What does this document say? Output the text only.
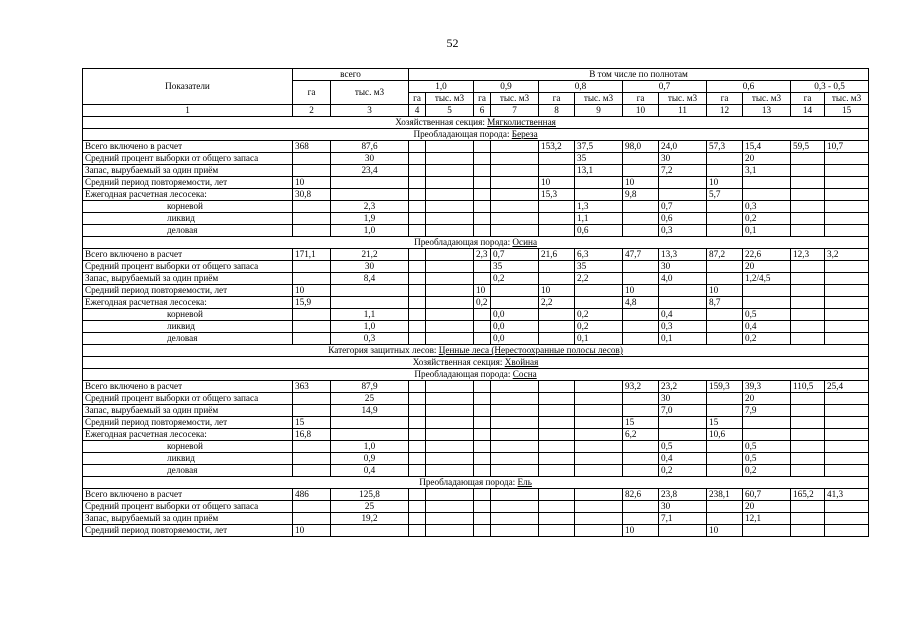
52
Показатели	всего		В том числе по полнотам											
	га	тыс. м3	1,0		0,9		0,8		0,7		0,6		0,3 - 0,5	
			га	тыс. м3	га	тыс. м3	га	тыс. м3	га	тыс. м3	га	тыс. м3	га	тыс. м3
1	2	3	4	5	6	7	8	9	10	11	12	13	14	15
Хозяйственная секция: Мягколиственная														
Преобладающая порода: Береза														
Всего включено в расчет	368	87,6					153,2	37,5	98,0	24,0	57,3	15,4	59,5	10,7
Средний процент выборки от общего запаса		30						35		30		20		
Запас, вырубаемый за один приём		23,4						13,1		7,2		3,1		
Средний период повторяемости, лет	10						10		10		10			
Ежегодная расчетная лесосека:	30,8						15,3		9,8		5,7			
корневой		2,3						1,3		0,7		0,3		
ликвид		1,9						1,1		0,6		0,2		
деловая		1,0						0,6		0,3		0,1		
Преобладающая порода: Осина														
Всего включено в расчет	171,1	21,2			2,3	0,7	21,6	6,3	47,7	13,3	87,2	22,6	12,3	3,2
Средний процент выборки от общего запаса		30				35		35		30		20		
Запас, вырубаемый за один приём		8,4				0,2		2,2		4,0		1,2/4,5		
Средний период повторяемости, лет	10				10		10		10		10			
Ежегодная расчетная лесосека:	15,9				0,2		2,2		4,8		8,7			
корневой		1,1				0,0		0,2		0,4		0,5		
ликвид		1,0				0,0		0,2		0,3		0,4		
деловая		0,3				0,0		0,1		0,1		0,2		
Категория защитных лесов: Ценные леса (Нерестоохранные полосы лесов)														
Хозяйственная секция: Хвойная														
Преобладающая порода: Сосна														
Всего включено в расчет	363	87,9							93,2	23,2	159,3	39,3	110,5	25,4
Средний процент выборки от общего запаса		25								30		20		
Запас, вырубаемый за один приём		14,9								7,0		7,9		
Средний период повторяемости, лет	15								15		15			
Ежегодная расчетная лесосека:	16,8								6,2		10,6			
корневой		1,0								0,5		0,5		
ликвид		0,9								0,4		0,5		
деловая		0,4								0,2		0,2		
Преобладающая порода: Ель														
Всего включено в расчет	486	125,8							82,6	23,8	238,1	60,7	165,2	41,3
Средний процент выборки от общего запаса		25								30		20		
Запас, вырубаемый за один приём		19,2								7,1		12,1		
Средний период повторяемости, лет	10								10		10			
